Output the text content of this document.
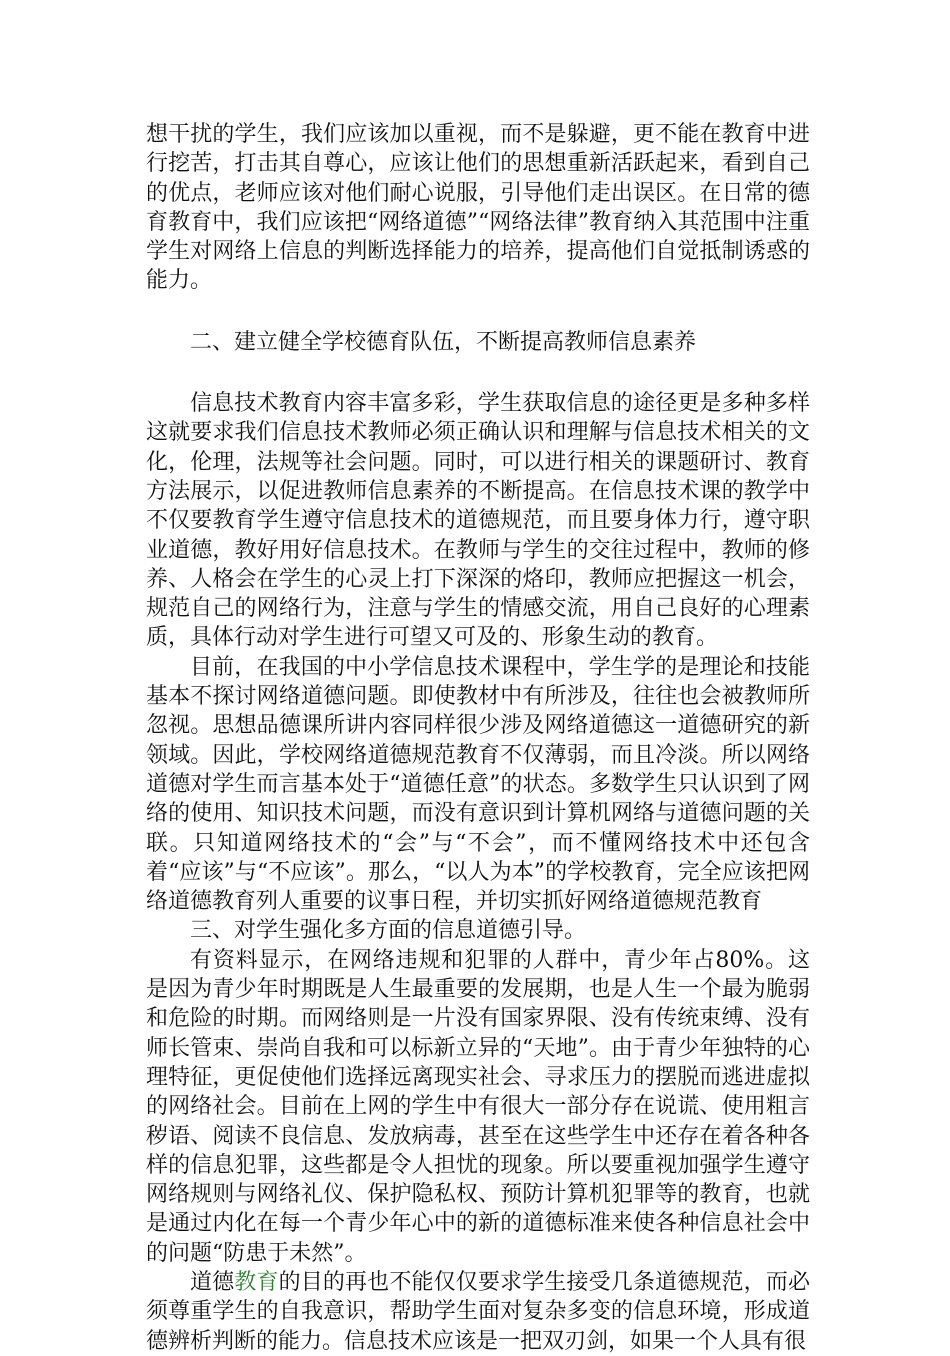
想干扰的学生，我们应该加以重视，而不是躲避，更不能在教育中进行挖苦，打击其自尊心，应该让他们的思想重新活跃起来，看到自己的优点，老师应该对他们耐心说服，引导他们走出误区。在日常的德育教育中，我们应该把“网络道德”“网络法律”教育纳入其范围中注重学生对网络上信息的判断选择能力的培养，提高他们自觉抵制诱惑的能力。

二、建立健全学校德育队伍，不断提高教师信息素养

信息技术教育内容丰富多彩，学生获取信息的途径更是多种多样这就要求我们信息技术教师必须正确认识和理解与信息技术相关的文化，伦理，法规等社会问题。同时，可以进行相关的课题研讨、教育方法展示，以促进教师信息素养的不断提高。在信息技术课的教学中不仅要教育学生遵守信息技术的道德规范，而且要身体力行，遵守职业道德，教好用好信息技术。在教师与学生的交往过程中，教师的修养、人格会在学生的心灵上打下深深的烙印，教师应把握这一机会，规范自己的网络行为，注意与学生的情感交流，用自己良好的心理素质，具体行动对学生进行可望又可及的、形象生动的教育。

目前，在我国的中小学信息技术课程中，学生学的是理论和技能基本不探讨网络道德问题。即使教材中有所涉及，往往也会被教师所忽视。思想品德课所讲内容同样很少涉及网络道德这一道德研究的新领域。因此，学校网络道德规范教育不仅薄弱，而且冷淡。所以网络道德对学生而言基本处于“道德任意”的状态。多数学生只认识到了网络的使用、知识技术问题，而没有意识到计算机网络与道德问题的关联。只知道网络技术的“会”与“不会”，而不懂网络技术中还包含着“应该”与“不应该”。那么，“以人为本”的学校教育，完全应该把网络道德教育列人重要的议事日程，并切实抓好网络道德规范教育

三、对学生强化多方面的信息道德引导。

有资料显示，在网络违规和犯罪的人群中，青少年占80%。这是因为青少年时期既是人生最重要的发展期，也是人生一个最为脆弱和危险的时期。而网络则是一片没有国家界限、没有传统束缚、没有师长管束、崇尚自我和可以标新立异的“天地”。由于青少年独特的心理特征，更促使他们选择远离现实社会、寻求压力的摆脱而逃进虚拟的网络社会。目前在上网的学生中有很大一部分存在说谎、使用粗言秽语、阅读不良信息、发放病毒，甚至在这些学生中还存在着各种各样的信息犯罪，这些都是令人担忧的现象。所以要重视加强学生遵守网络规则与网络礼仪、保护隐私权、预防计算机犯罪等的教育，也就是通过内化在每一个青少年心中的新的道德标准来使各种信息社会中的问题“防患于未然”。

道德教育的目的再也不能仅仅要求学生接受几条道德规范，而必须尊重学生的自我意识，帮助学生面对复杂多变的信息环境，形成道德辨析判断的能力。信息技术应该是一把双刃剑，如果一个人具有很
